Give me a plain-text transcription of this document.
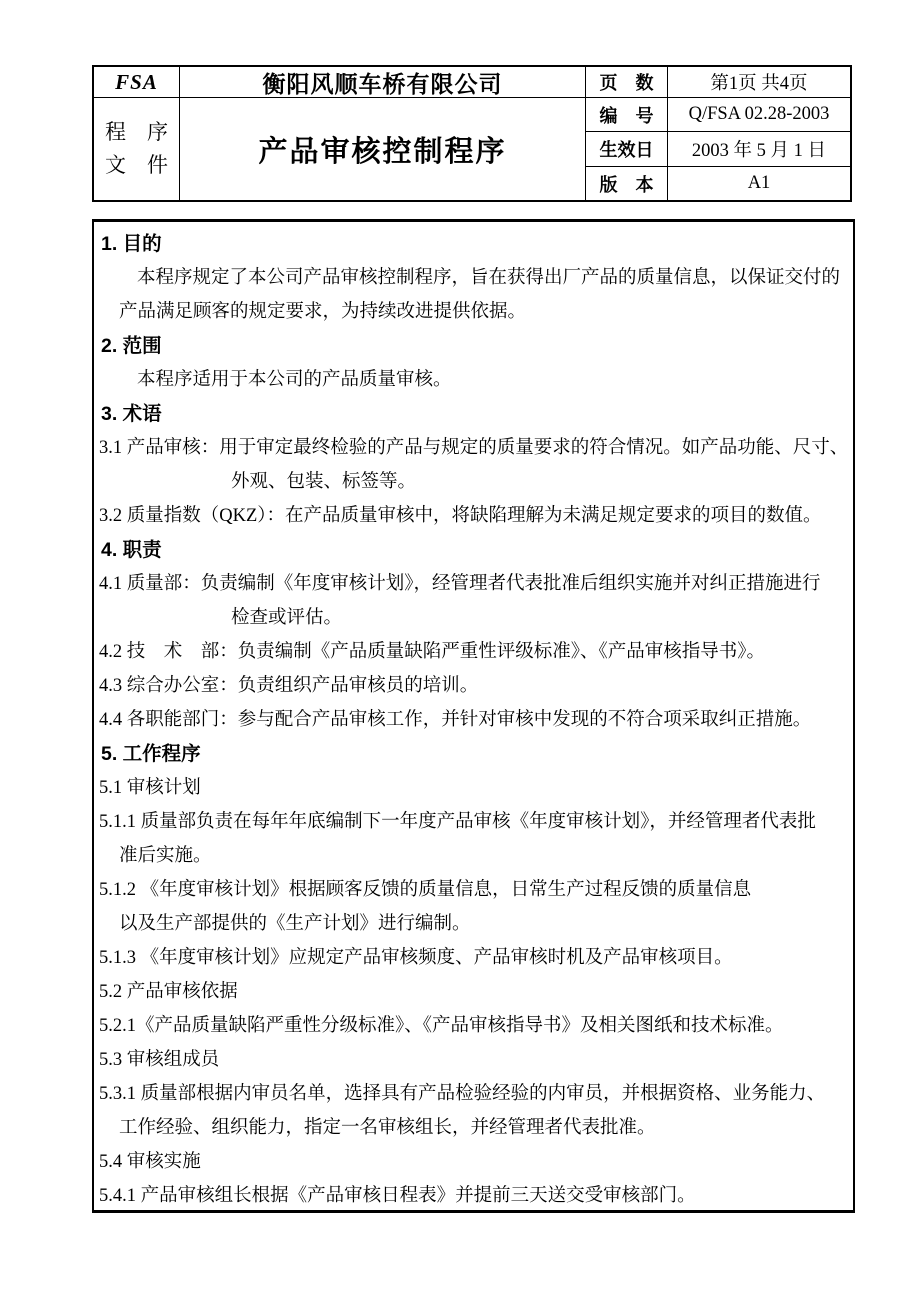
FSA
程　序
文　件
衡阳风顺车桥有限公司
产品审核控制程序
页　数	第1页 共4页
编　号	Q/FSA 02.28-2003
生效日	2003 年 5 月 1 日
版　本	A1
1. 目的
本程序规定了本公司产品审核控制程序，旨在获得出厂产品的质量信息，以保证交付的
产品满足顾客的规定要求，为持续改进提供依据。
2. 范围
本程序适用于本公司的产品质量审核。
3. 术语
3.1 产品审核：用于审定最终检验的产品与规定的质量要求的符合情况。如产品功能、尺寸、
外观、包装、标签等。
3.2 质量指数（QKZ）：在产品质量审核中，将缺陷理解为未满足规定要求的项目的数值。
4. 职责
4.1 质量部：负责编制《年度审核计划》，经管理者代表批准后组织实施并对纠正措施进行
检查或评估。
4.2 技　术　部：负责编制《产品质量缺陷严重性评级标准》、《产品审核指导书》。
4.3 综合办公室：负责组织产品审核员的培训。
4.4 各职能部门：参与配合产品审核工作，并针对审核中发现的不符合项采取纠正措施。
5. 工作程序
5.1 审核计划
5.1.1 质量部负责在每年年底编制下一年度产品审核《年度审核计划》，并经管理者代表批
准后实施。
5.1.2 《年度审核计划》根据顾客反馈的质量信息，日常生产过程反馈的质量信息
以及生产部提供的《生产计划》进行编制。
5.1.3 《年度审核计划》应规定产品审核频度、产品审核时机及产品审核项目。
5.2 产品审核依据
5.2.1《产品质量缺陷严重性分级标准》、《产品审核指导书》及相关图纸和技术标准。
5.3 审核组成员
5.3.1 质量部根据内审员名单，选择具有产品检验经验的内审员，并根据资格、业务能力、
工作经验、组织能力，指定一名审核组长，并经管理者代表批准。
5.4 审核实施
5.4.1 产品审核组长根据《产品审核日程表》并提前三天送交受审核部门。
